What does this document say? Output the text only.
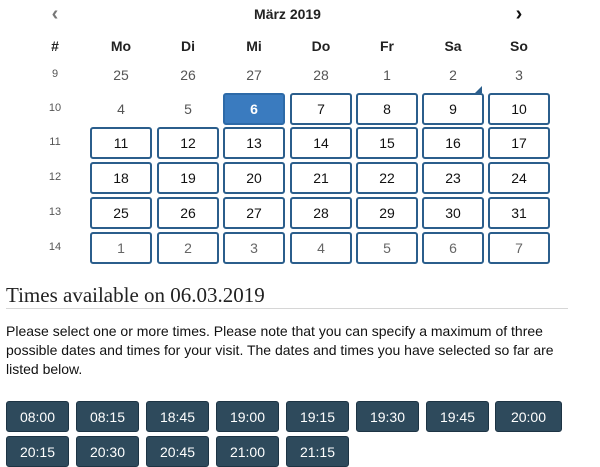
‹	März 2019	›
#	Mo	Di	Mi	Do	Fr	Sa	So
9	25	26	27	28	1	2	3
10	4	5	6	7	8	9	10
11	11	12	13	14	15	16	17
12	18	19	20	21	22	23	24
13	25	26	27	28	29	30	31
14	1	2	3	4	5	6	7
Times available on 06.03.2019
Please select one or more times. Please note that you can specify a maximum of three possible dates and times for your visit. The dates and times you have selected so far are listed below.
08:00	08:15	18:45	19:00	19:15	19:30	19:45	20:00
20:15	20:30	20:45	21:00	21:15
